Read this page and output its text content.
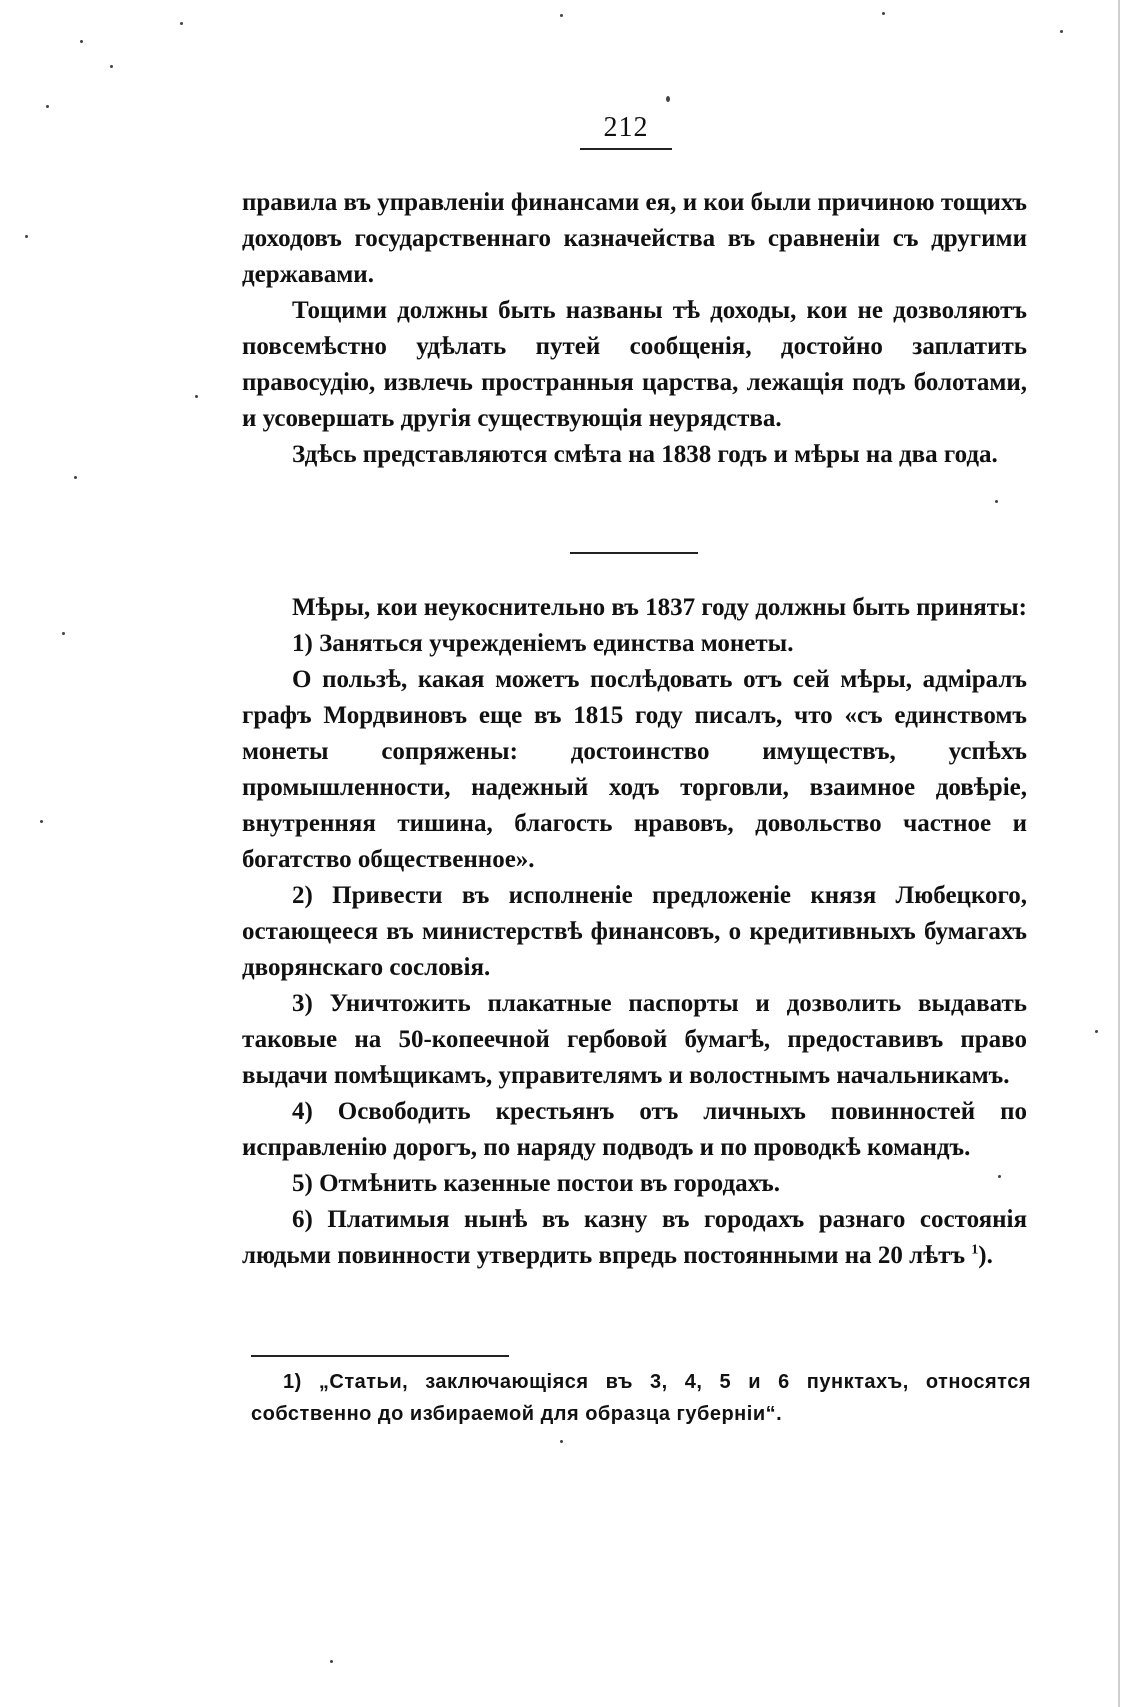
212

правила въ управленіи финансами ея, и кои были причиною тощихъ доходовъ государственнаго казначейства въ сравненіи съ другими державами.

Тощими должны быть названы тѣ доходы, кои не дозволяютъ повсемѣстно удѣлать путей сообщенія, достойно заплатить правосудію, извлечь пространныя царства, лежащія подъ болотами, и усовершать другія существующія неурядства.

Здѣсь представляются смѣта на 1838 годъ и мѣры на два года.

Мѣры, кои неукоснительно въ 1837 году должны быть приняты:

1) Заняться учрежденіемъ единства монеты.

О пользѣ, какая можетъ послѣдовать отъ сей мѣры, адміралъ графъ Мордвиновъ еще въ 1815 году писалъ, что «съ единствомъ монеты сопряжены: достоинство имуществъ, успѣхъ промышленности, надежный ходъ торговли, взаимное довѣріе, внутренняя тишина, благость нравовъ, довольство частное и богатство общественное».

2) Привести въ исполненіе предложеніе князя Любецкого, остающееся въ министерствѣ финансовъ, о кредитивныхъ бумагахъ дворянскаго сословія.

3) Уничтожить плакатные паспорты и дозволить выдавать таковые на 50-копеечной гербовой бумагѣ, предоставивъ право выдачи помѣщикамъ, управителямъ и волостнымъ начальникамъ.

4) Освободить крестьянъ отъ личныхъ повинностей по исправленію дорогъ, по наряду подводъ и по проводкѣ командъ.

5) Отмѣнить казенные постои въ городахъ.

6) Платимыя нынѣ въ казну въ городахъ разнаго состоянія людьми повинности утвердить впредь постоянными на 20 лѣтъ $^1$).

1) „Статьи, заключающіяся въ 3, 4, 5 и 6 пунктахъ, относятся собственно до избираемой для образца губерніи“.
